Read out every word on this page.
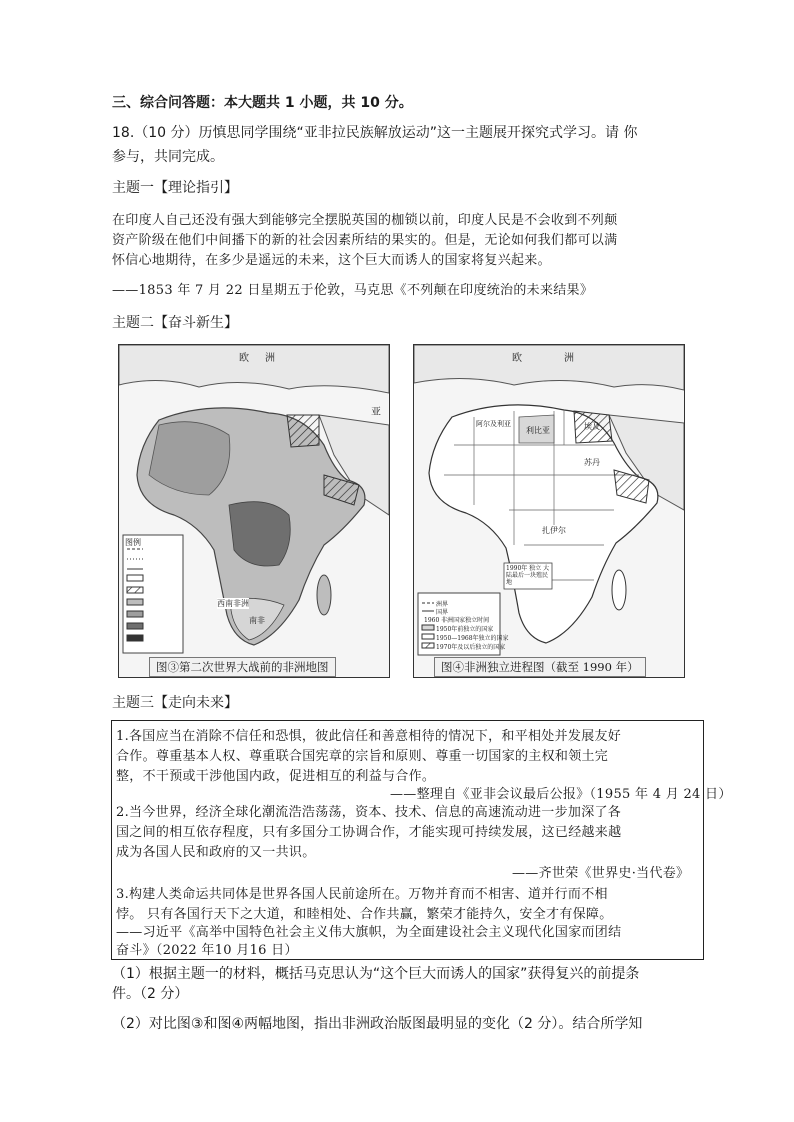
三、综合问答题：本大题共 1 小题，共 10 分。
18.（10 分）历慎思同学围绕“亚非拉民族解放运动”这一主题展开探究式学习。请 你
参与，共同完成。
主题一【理论指引】
在印度人自己还没有强大到能够完全摆脱英国的枷锁以前，印度人民是不会收到不列颠
资产阶级在他们中间播下的新的社会因素所结的果实的。但是，无论如何我们都可以满
怀信心地期待，在多少是遥远的未来，这个巨大而诱人的国家将复兴起来。
——1853 年 7 月 22 日星期五于伦敦，马克思《不列颠在印度统治的未来结果》
主题二【奋斗新生】
欧 洲
亚
图例
西南非洲
南非
图③第二次世界大战前的非洲地图
欧	洲
阿尔及利亚	埃及
利比亚
苏丹
扎伊尔
1990年 独立 大陆最后一块殖民地
洲界
国界
1960 非洲国家独立时间
1950年前独立的国家
1950—1968年独立的国家
1970年及以后独立的国家
图④非洲独立进程图（截至 1990 年）
主题三【走向未来】
1.各国应当在消除不信任和恐惧，彼此信任和善意相待的情况下，和平相处并发展友好
合作。尊重基本人权、尊重联合国宪章的宗旨和原则、尊重一切国家的主权和领土完
整，不干预或干涉他国内政，促进相互的利益与合作。
——整理自《亚非会议最后公报》（1955 年 4 月 24 日）
2.当今世界，经济全球化潮流浩浩荡荡，资本、技术、信息的高速流动进一步加深了各
国之间的相互依存程度，只有多国分工协调合作，才能实现可持续发展，这已经越来越
成为各国人民和政府的又一共识。
——齐世荣《世界史·当代卷》
3.构建人类命运共同体是世界各国人民前途所在。万物并育而不相害、道并行而不相
悖。 只有各国行天下之大道，和睦相处、合作共赢，繁荣才能持久，安全才有保障。
——习近平《高举中国特色社会主义伟大旗帜，为全面建设社会主义现代化国家而团结
奋斗》（2022 年10 月16 日）
（1）根据主题一的材料，概括马克思认为“这个巨大而诱人的国家”获得复兴的前提条
件。（2 分）
（2）对比图③和图④两幅地图，指出非洲政治版图最明显的变化（2 分）。结合所学知
